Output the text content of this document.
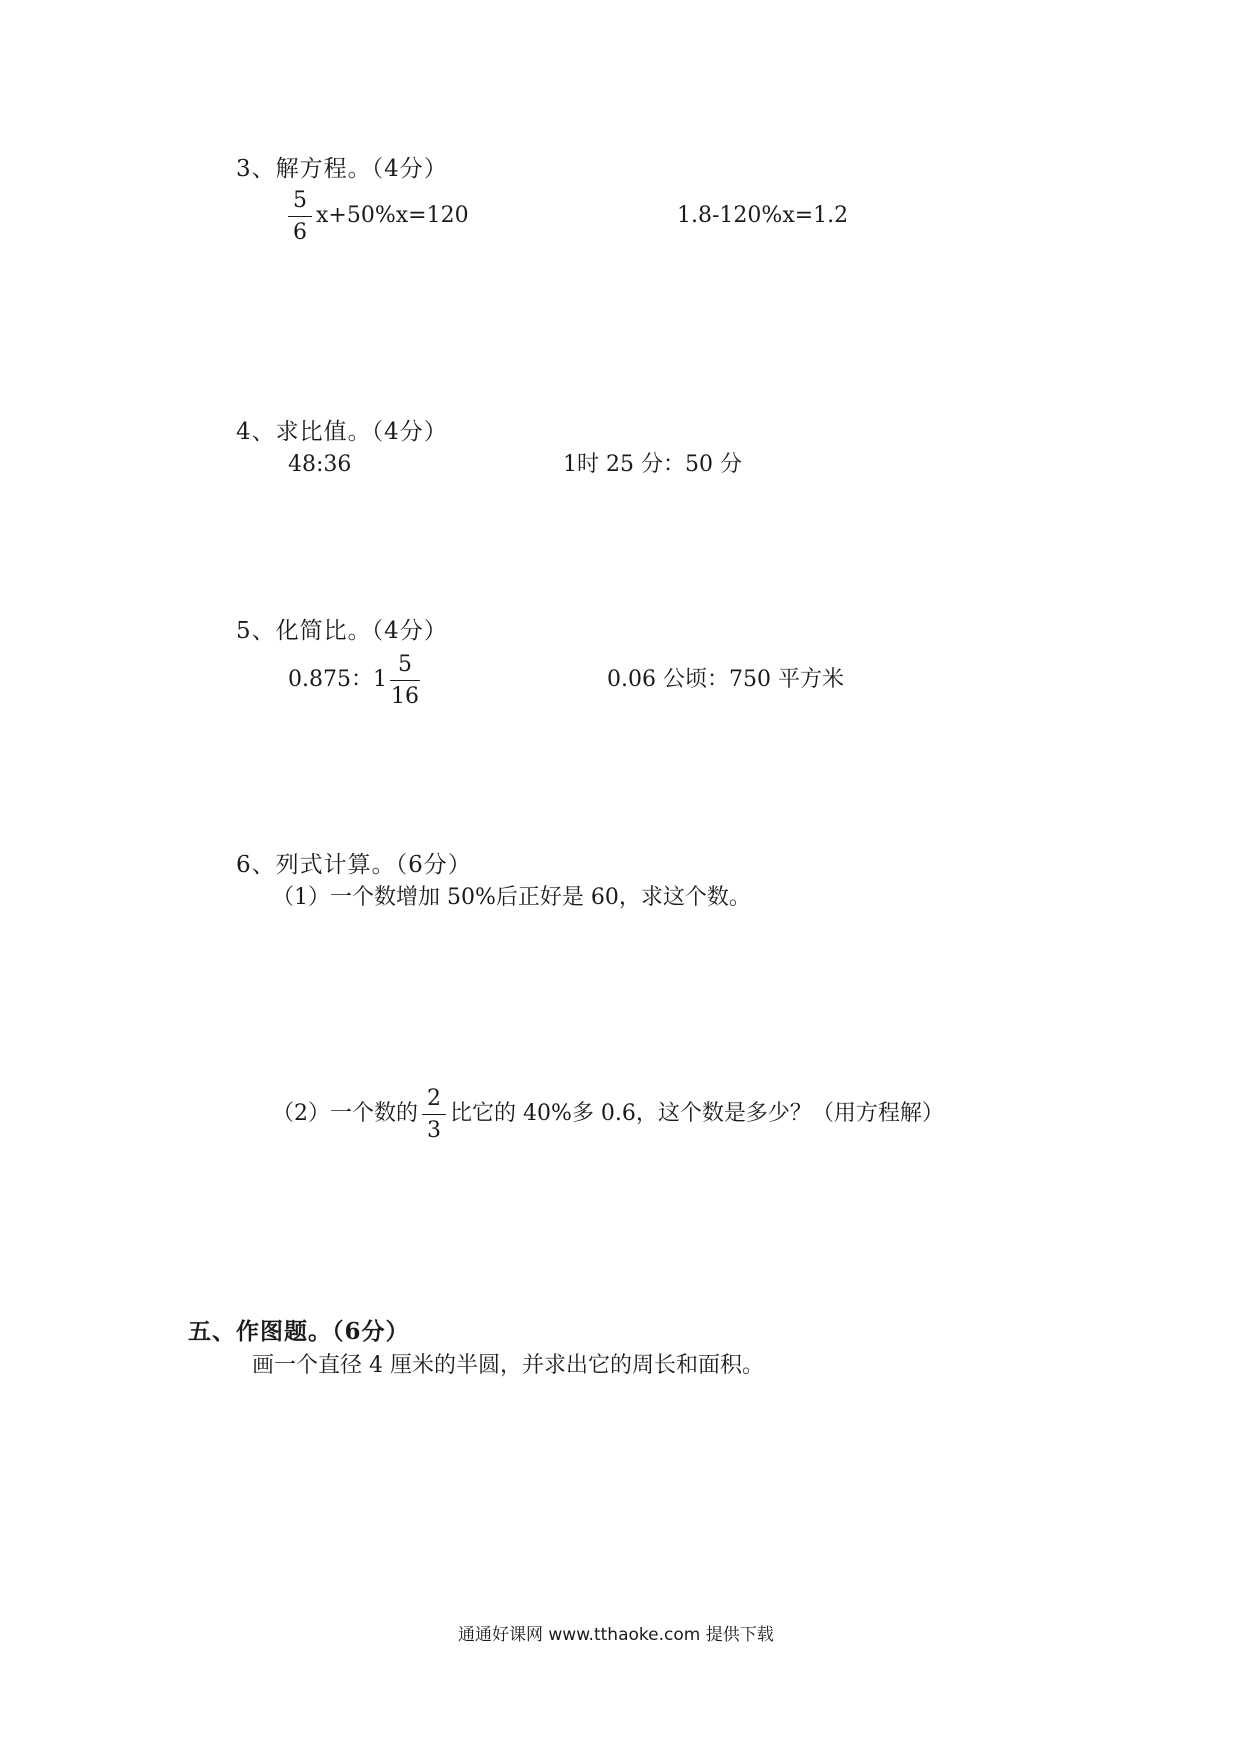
3、解方程。（4分）
5
6
x+50%x=120	1.8-120%x=1.2
4、求比值。（4分）
48:36	1时 25 分：50 分
5、化简比。（4分）
0.875：1
5
16
0.06 公顷：750 平方米
6、列式计算。（6分）
（1）一个数增加 50%后正好是 60，求这个数。
（2）一个数的
2
3
比它的 40%多 0.6，这个数是多少？（用方程解）
五、作图题。（6分）
画一个直径 4 厘米的半圆，并求出它的周长和面积。
通通好课网 www.tthaoke.com 提供下载
